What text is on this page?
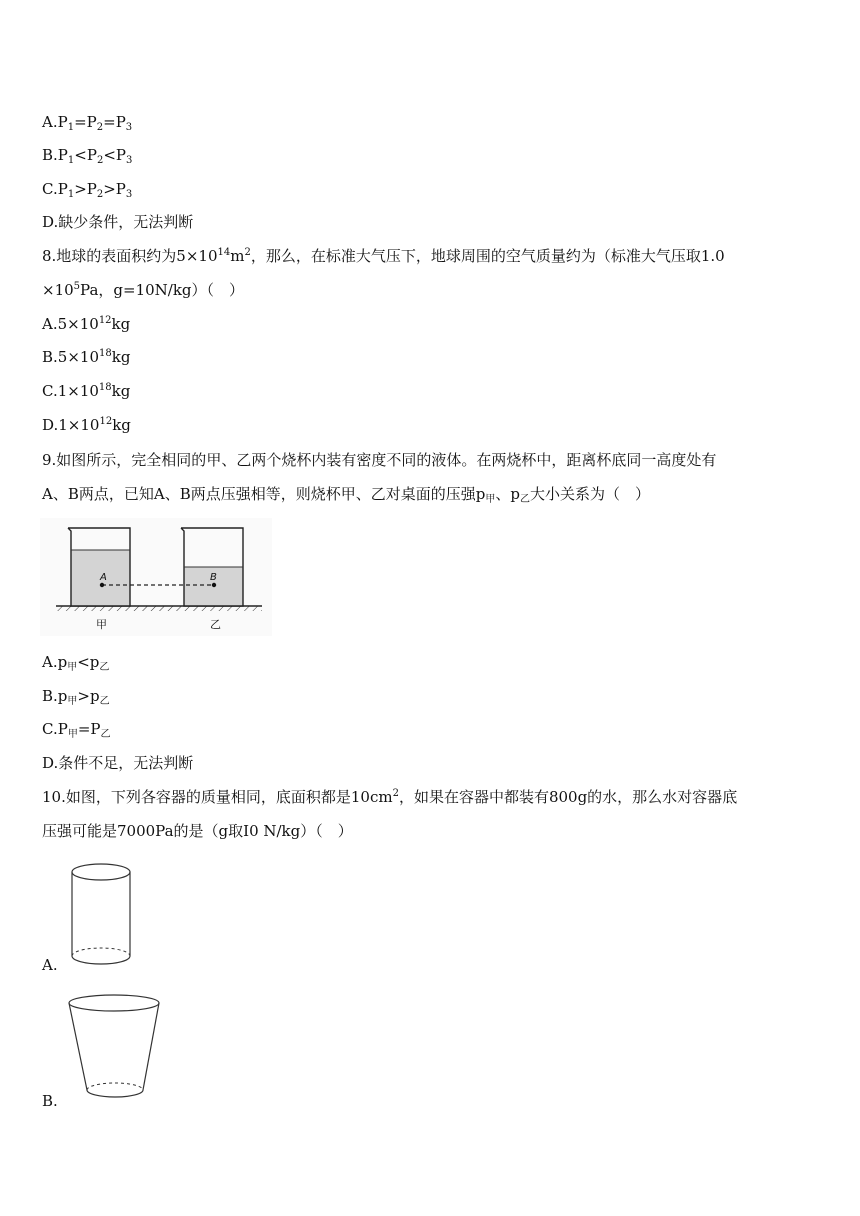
$A.P_1=P_2=P_3$
$B.P_1<P_2<P_3$
$C.P_1>P_2>P_3$
D.缺少条件，无法判断
8.地球的表面积约为$5\times 10^{14}m^2$，那么，在标准大气压下，地球周围的空气质量约为（标准大气压取1.0
$\times 10^5Pa$，g=10N/kg）（　）
$A.5\times 10^{12}kg$
$B.5\times 10^{18}kg$
$C.1\times 10^{18}kg$
$D.1\times 10^{12}kg$
9.如图所示，完全相同的甲、乙两个烧杯内装有密度不同的液体。在两烧杯中，距离杯底同一高度处有
A、B两点，已知A、B两点压强相等，则烧杯甲、乙对桌面的压强$p_甲$、$p_乙$大小关系为（　）
A	B
甲	乙
$A.p_甲<p_乙$
$B.p_甲>p_乙$
$C.P_甲=P_乙$
D.条件不足，无法判断
10.如图，下列各容器的质量相同，底面积都是$10cm^2$，如果在容器中都装有800g的水，那么水对容器底
压强可能是7000Pa的是（g取I0 N/kg）（　）
A.
B.
